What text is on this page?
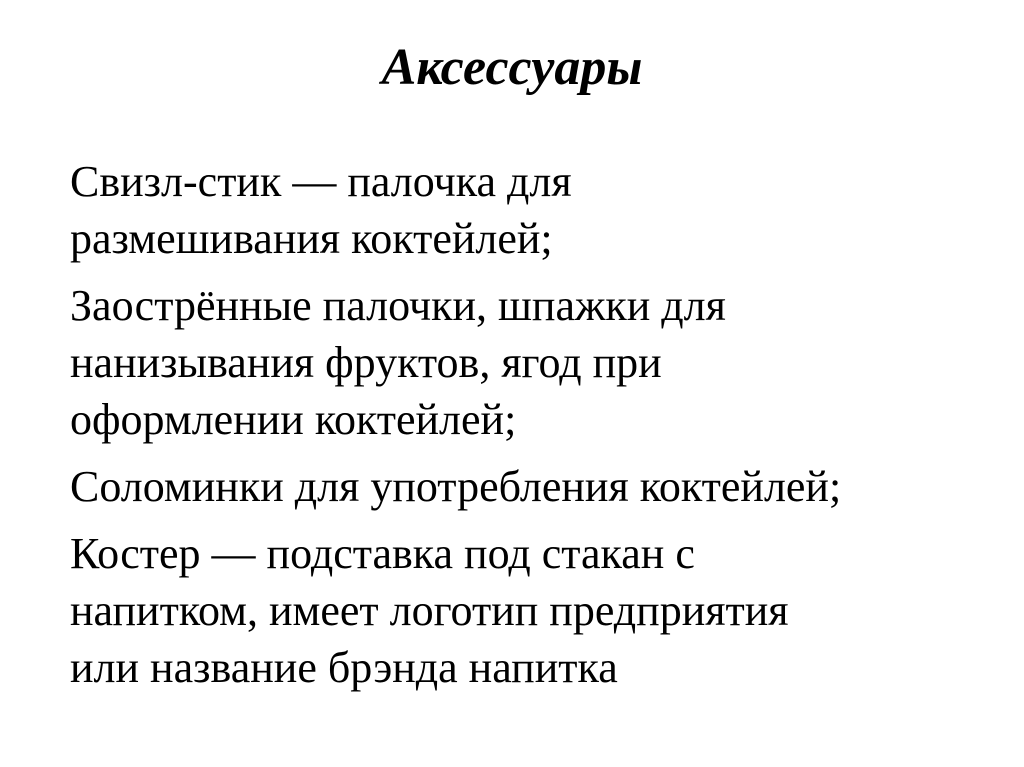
Аксессуары
Свизл-стик — палочка для
размешивания коктейлей;
Заострённые палочки, шпажки для
нанизывания фруктов, ягод при
оформлении коктейлей;
Соломинки для употребления коктейлей;
Костер — подставка под стакан с
напитком, имеет логотип предприятия
или название брэнда напитка
